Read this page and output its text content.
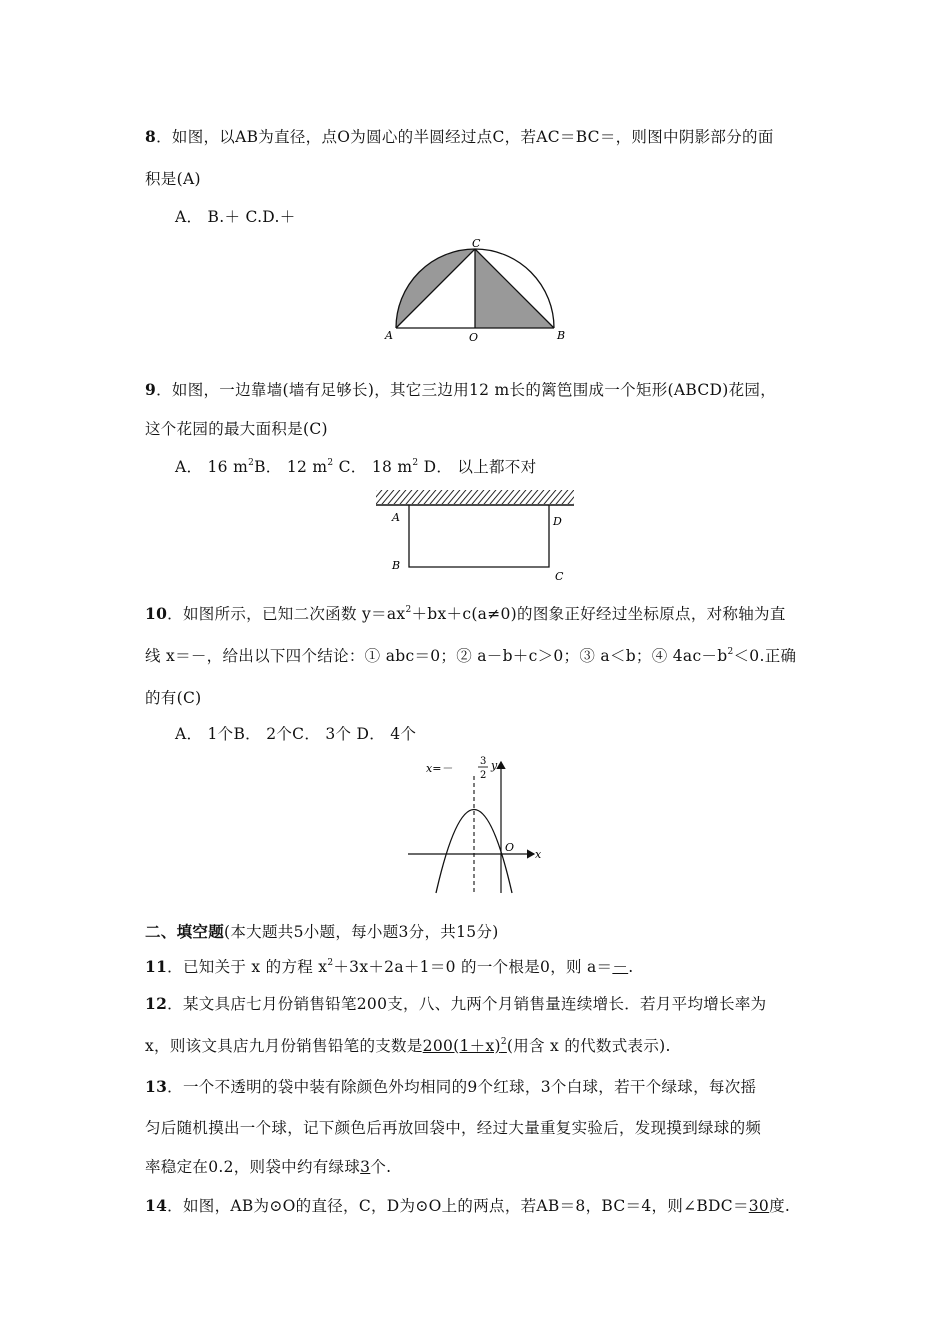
8．如图，以AB为直径，点O为圆心的半圆经过点C，若AC＝BC＝，则图中阴影部分的面
积是(A)
A． B.＋ C.D.＋
C
A	O	B
9．如图，一边靠墙(墙有足够长)，其它三边用12 m长的篱笆围成一个矩形(ABCD)花园，
这个花园的最大面积是(C)
A． 16 $m^2B$． 12 $m^2$ C． 18 $m^2$ D． 以上都不对
A	D
B
C
10．如图所示，已知二次函数 $y=ax^2+bx+c(a\ne 0)$的图象正好经过坐标原点，对称轴为直
线 x＝－，给出以下四个结论：① abc＝0；② a－b＋c＞0；③ a＜b；④ $4ac-b^2<0$.正确
的有(C)
A． 1个B． 2个C． 3个 D． 4个
x=－
3
2
y
O
x
二、填空题(本大题共5小题，每小题3分，共15分)
11．已知关于 x 的方程 $x^2+3x+2a+1=0$ 的一个根是0，则 a＝－.
12．某文具店七月份销售铅笔200支，八、九两个月销售量连续增长．若月平均增长率为
x，则该文具店九月份销售铅笔的支数是$200(1+x)^2$(用含 x 的代数式表示).
13．一个不透明的袋中装有除颜色外均相同的9个红球，3个白球，若干个绿球，每次摇
匀后随机摸出一个球，记下颜色后再放回袋中，经过大量重复实验后，发现摸到绿球的频
率稳定在0.2，则袋中约有绿球3个.
14．如图，AB为⊙O的直径，C，D为⊙O上的两点，若AB＝8，BC＝4，则∠BDC＝30度.
